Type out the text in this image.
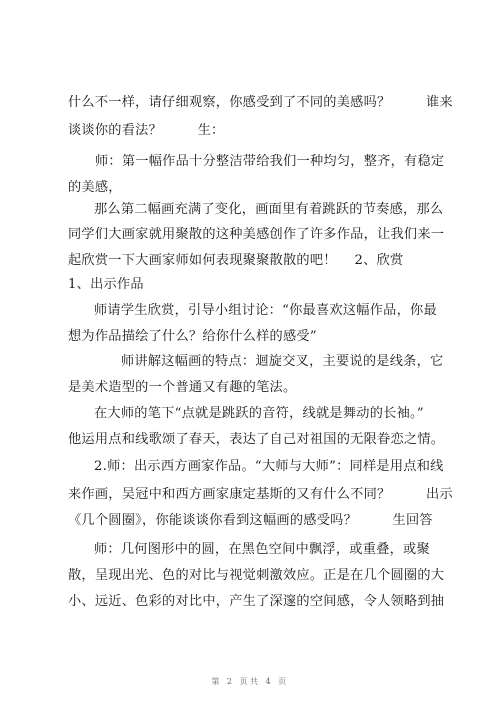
什么不一样，请仔细观察，你感受到了不同的美感吗？        谁来
谈谈你的看法？        生：
师：第一幅作品十分整洁带给我们一种均匀，整齐，有稳定
的美感，
那么第二幅画充满了变化，画面里有着跳跃的节奏感，那么
同学们大画家就用聚散的这种美感创作了许多作品，让我们来一
起欣赏一下大画家师如何表现聚聚散散的吧！    2、欣赏
1、出示作品
师请学生欣赏，引导小组讨论：“你最喜欢这幅作品，你最
想为作品描绘了什么？给你什么样的感受”
师讲解这幅画的特点：迴旋交叉，主要说的是线条，它
是美术造型的一个普通又有趣的笔法。
在大师的笔下“点就是跳跃的音符，线就是舞动的长袖。”
他运用点和线歌颂了春天，表达了自己对祖国的无限眷恋之情。
2.师：出示西方画家作品。“大师与大师”：同样是用点和线
来作画，吴冠中和西方画家康定基斯的又有什么不同？        出示
《几个圆圈》，你能谈谈你看到这幅画的感受吗？        生回答
师：几何图形中的圆，在黑色空间中飘浮，或重叠，或聚
散，呈现出光、色的对比与视觉刺激效应。正是在几个圆圈的大
小、远近、色彩的对比中，产生了深邃的空间感，令人领略到抽
第 2 页共 4 页
